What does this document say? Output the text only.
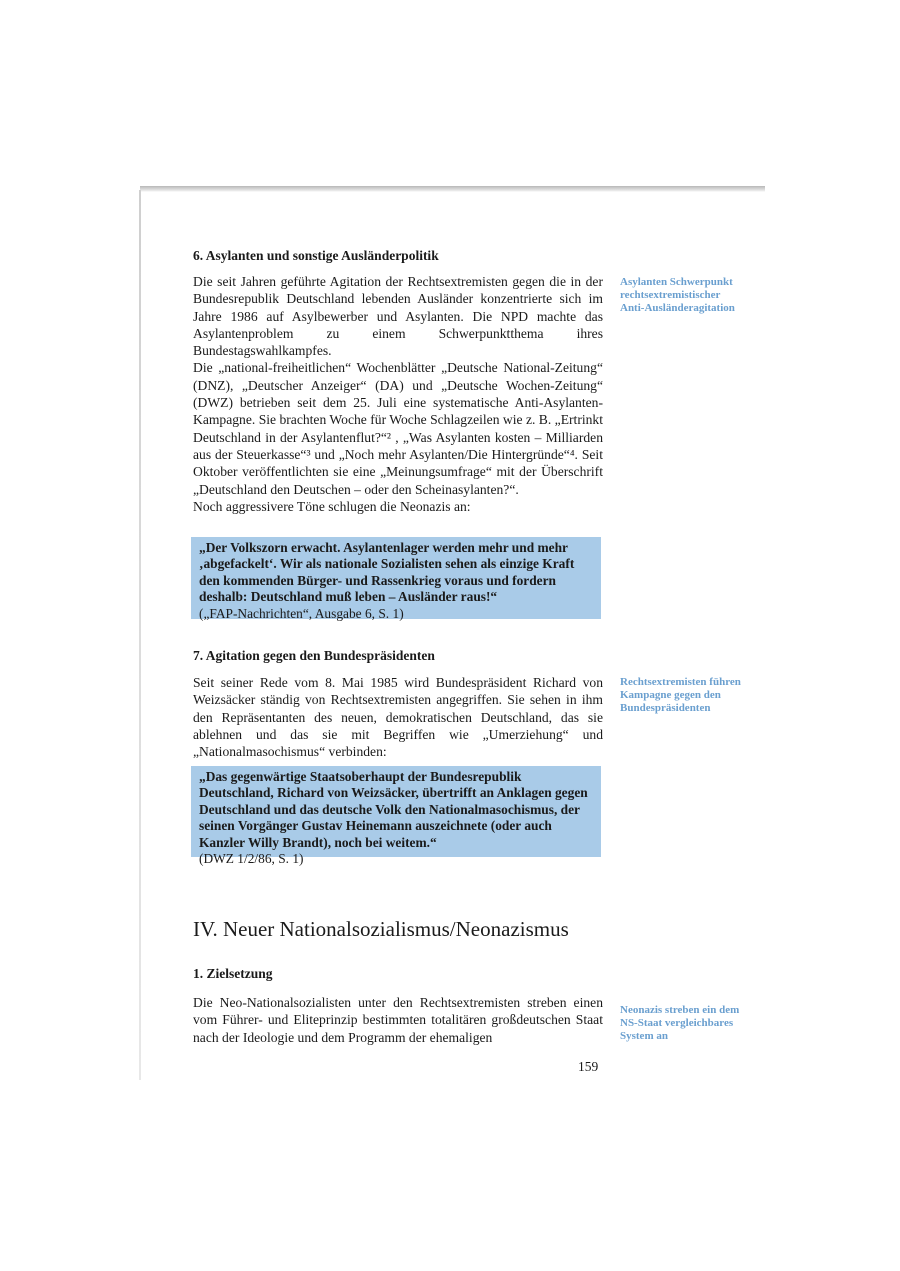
6. Asylanten und sonstige Ausländerpolitik

Die seit Jahren geführte Agitation der Rechtsextremisten gegen die in der Bundesrepublik Deutschland lebenden Ausländer konzentrierte sich im Jahre 1986 auf Asylbewerber und Asylanten. Die NPD machte das Asylantenproblem zu einem Schwerpunktthema ihres Bundestagswahlkampfes.

Die „national-freiheitlichen“ Wochenblätter „Deutsche National-Zeitung“ (DNZ), „Deutscher Anzeiger“ (DA) und „Deutsche Wochen-Zeitung“ (DWZ) betrieben seit dem 25. Juli eine systematische Anti-Asylanten-Kampagne. Sie brachten Woche für Woche Schlagzeilen wie z. B. „Ertrinkt Deutschland in der Asylantenflut?“² , „Was Asylanten kosten – Milliarden aus der Steuerkasse“³ und „Noch mehr Asylanten/Die Hintergründe“⁴. Seit Oktober veröffentlichten sie eine „Meinungsumfrage“ mit der Überschrift „Deutschland den Deutschen – oder den Scheinasylanten?“.

Noch aggressivere Töne schlugen die Neonazis an:

Asylanten Schwerpunkt rechtsextremistischer Anti-Ausländeragitation
„Der Volkszorn erwacht. Asylantenlager werden mehr und mehr ‚abgefackelt‘. Wir als nationale Sozialisten sehen als einzige Kraft den kommenden Bürger- und Rassenkrieg voraus und fordern deshalb: Deutschland muß leben – Ausländer raus!“
(„FAP-Nachrichten“, Ausgabe 6, S. 1)
7. Agitation gegen den Bundespräsidenten

Seit seiner Rede vom 8. Mai 1985 wird Bundespräsident Richard von Weizsäcker ständig von Rechtsextremisten angegriffen. Sie sehen in ihm den Repräsentanten des neuen, demokratischen Deutschland, das sie ablehnen und das sie mit Begriffen wie „Umerziehung“ und „Nationalmasochismus“ verbinden:

Rechtsextremisten führen Kampagne gegen den Bundespräsidenten
„Das gegenwärtige Staatsoberhaupt der Bundesrepublik Deutschland, Richard von Weizsäcker, übertrifft an Anklagen gegen Deutschland und das deutsche Volk den Nationalmasochismus, der seinen Vorgänger Gustav Heinemann auszeichnete (oder auch Kanzler Willy Brandt), noch bei weitem.“
(DWZ 1/2/86, S. 1)
IV. Neuer Nationalsozialismus/Neonazismus
1. Zielsetzung

Die Neo-Nationalsozialisten unter den Rechtsextremisten streben einen vom Führer- und Eliteprinzip bestimmten totalitären großdeutschen Staat nach der Ideologie und dem Programm der ehemaligen

Neonazis streben ein dem NS-Staat vergleichbares System an
159
